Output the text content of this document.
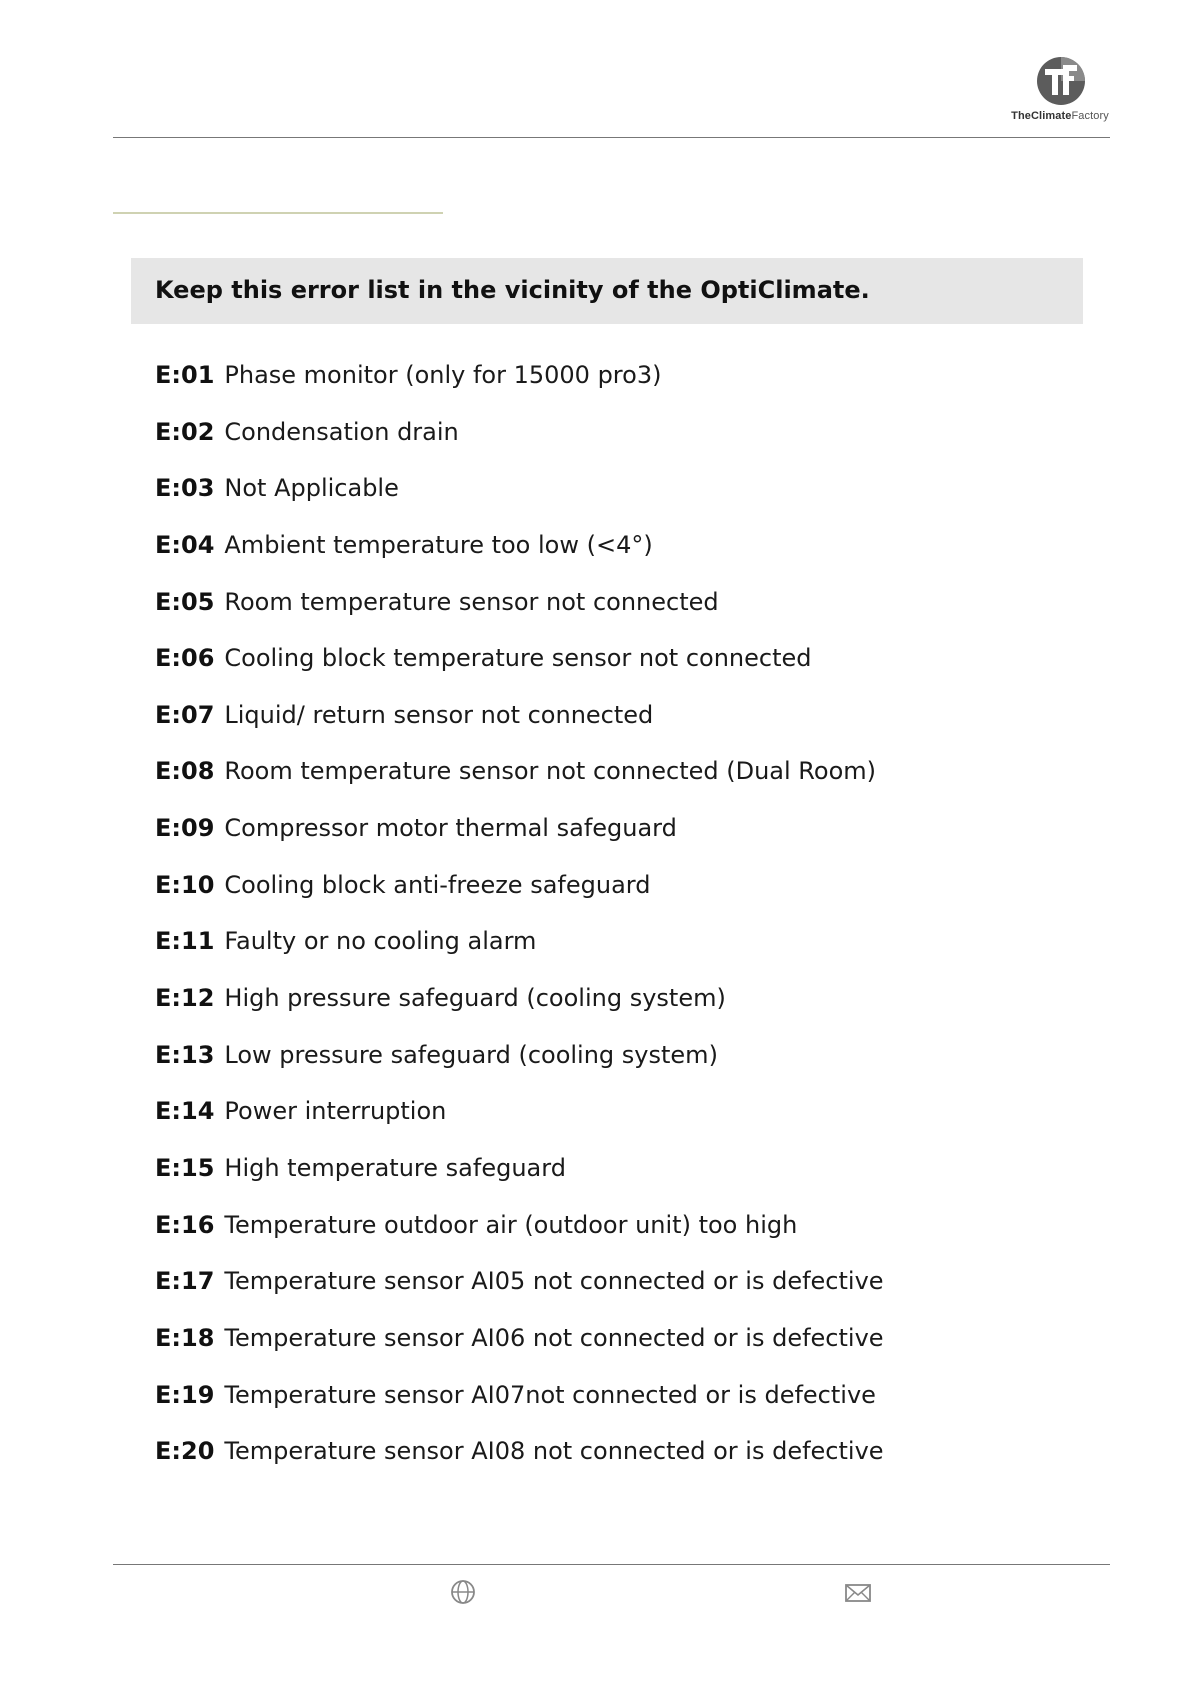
TheClimateFactory
Keep this error list in the vicinity of the OptiClimate.
E:01 Phase monitor (only for 15000 pro3)
E:02 Condensation drain
E:03 Not Applicable
E:04 Ambient temperature too low (<4°)
E:05 Room temperature sensor not connected
E:06 Cooling block temperature sensor not connected
E:07 Liquid/ return sensor not connected
E:08 Room temperature sensor not connected (Dual Room)
E:09 Compressor motor thermal safeguard
E:10 Cooling block anti-freeze safeguard
E:11 Faulty or no cooling alarm
E:12 High pressure safeguard (cooling system)
E:13 Low pressure safeguard (cooling system)
E:14 Power interruption
E:15 High temperature safeguard
E:16 Temperature outdoor air (outdoor unit) too high
E:17 Temperature sensor AI05 not connected or is defective
E:18 Temperature sensor AI06 not connected or is defective
E:19 Temperature sensor AI07not connected or is defective
E:20 Temperature sensor AI08 not connected or is defective
